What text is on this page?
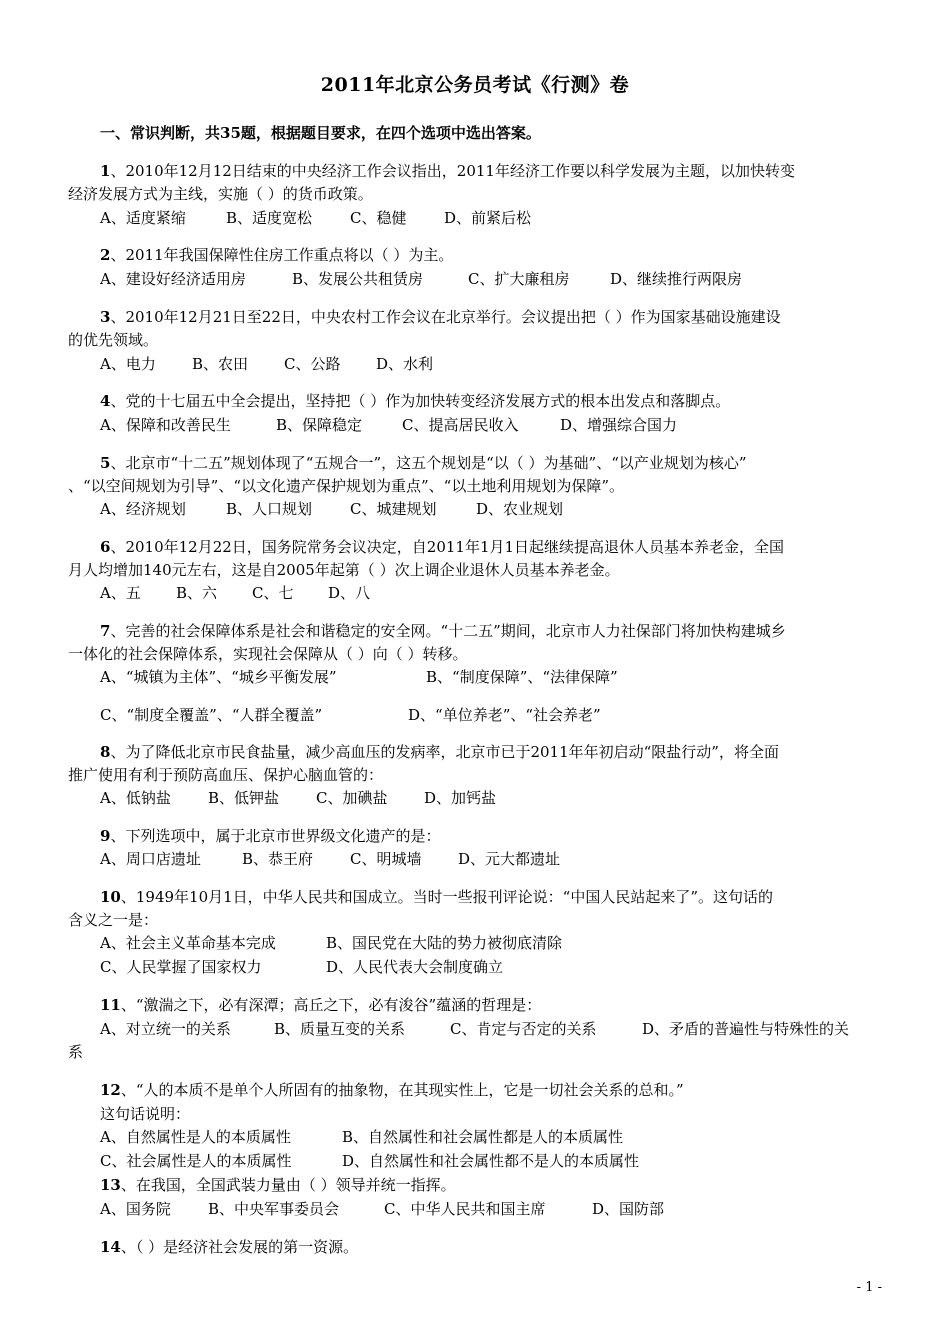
2011年北京公务员考试《行测》卷
一、常识判断，共35题，根据题目要求，在四个选项中选出答案。
1、2010年12月12日结束的中央经济工作会议指出，2011年经济工作要以科学发展为主题，以加快转变
经济发展方式为主线，实施（ ）的货币政策。
A、适度紧缩	B、适度宽松	C、稳健	D、前紧后松
2、2011年我国保障性住房工作重点将以（ ）为主。
A、建设好经济适用房	B、发展公共租赁房	C、扩大廉租房	D、继续推行两限房
3、2010年12月21日至22日，中央农村工作会议在北京举行。会议提出把（ ）作为国家基础设施建设
的优先领域。
A、电力 B、农田 C、公路 D、水利
4、党的十七届五中全会提出，坚持把（ ）作为加快转变经济发展方式的根本出发点和落脚点。
A、保障和改善民生	B、保障稳定	C、提高居民收入	D、增强综合国力
5、北京市“十二五”规划体现了“五规合一”，这五个规划是“以（ ）为基础”、“以产业规划为核心”
、“以空间规划为引导”、“以文化遗产保护规划为重点”、“以土地利用规划为保障”。
A、经济规划	B、人口规划	C、城建规划	D、农业规划
6、2010年12月22日，国务院常务会议决定，自2011年1月1日起继续提高退休人员基本养老金，全国
月人均增加140元左右，这是自2005年起第（ ）次上调企业退休人员基本养老金。
A、五 B、六 C、七 D、八
7、完善的社会保障体系是社会和谐稳定的安全网。“十二五”期间，北京市人力社保部门将加快构建城乡
一体化的社会保障体系，实现社会保障从（ ）向（ ）转移。
A、“城镇为主体”、“城乡平衡发展”	B、“制度保障”、“法律保障”
C、“制度全覆盖”、“人群全覆盖”	D、“单位养老”、“社会养老”
8、为了降低北京市民食盐量，减少高血压的发病率，北京市已于2011年年初启动“限盐行动”，将全面
推广使用有利于预防高血压、保护心脑血管的：
A、低钠盐 B、低钾盐 C、加碘盐 D、加钙盐
9、下列选项中，属于北京市世界级文化遗产的是：
A、周口店遗址	B、恭王府 C、明城墙 D、元大都遗址
10、1949年10月1日，中华人民共和国成立。当时一些报刊评论说：“中国人民站起来了”。这句话的
含义之一是：
A、社会主义革命基本完成	B、国民党在大陆的势力被彻底清除
C、人民掌握了国家权力	D、人民代表大会制度确立
11、“激湍之下，必有深潭；高丘之下，必有浚谷”蕴涵的哲理是：
A、对立统一的关系	B、质量互变的关系	C、肯定与否定的关系	D、矛盾的普遍性与特殊性的关
系
12、“人的本质不是单个人所固有的抽象物，在其现实性上，它是一切社会关系的总和。”
这句话说明：
A、自然属性是人的本质属性	B、自然属性和社会属性都是人的本质属性
C、社会属性是人的本质属性	D、自然属性和社会属性都不是人的本质属性
13、在我国，全国武装力量由（ ）领导并统一指挥。
A、国务院 B、中央军事委员会	C、中华人民共和国主席	D、国防部
14、（ ）是经济社会发展的第一资源。
- 1 -
